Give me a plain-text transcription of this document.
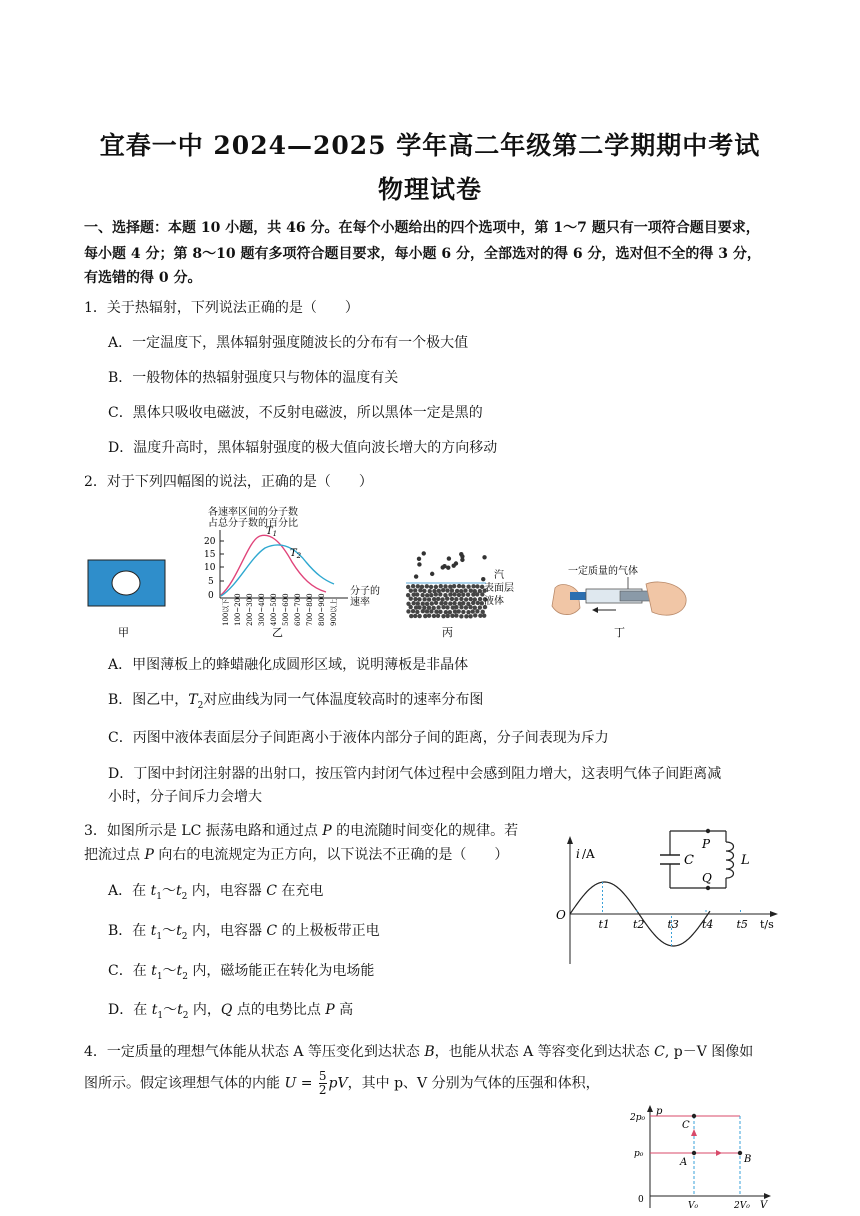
宜春一中 2024—2025 学年高二年级第二学期期中考试
物理试卷
一、选择题：本题 10 小题，共 46 分。在每个小题给出的四个选项中，第 1～7 题只有一项符合题目要求，
每小题 4 分；第 8～10 题有多项符合题目要求，每小题 6 分，全部选对的得 6 分，选对但不全的得 3 分，
有选错的得 0 分。
1．关于热辐射，下列说法正确的是（　　）
A．一定温度下，黑体辐射强度随波长的分布有一个极大值
B．一般物体的热辐射强度只与物体的温度有关
C．黑体只吸收电磁波，不反射电磁波，所以黑体一定是黑的
D．温度升高时，黑体辐射强度的极大值向波长增大的方向移动
2．对于下列四幅图的说法，正确的是（　　）
甲
各速率区间的分子数
占总分子数的百分比
20
15
10
5
0
$T_1$
$T_2$
分子的
速率
100以下 100~200 200~300 300~400 400~500 500~600 600~700 700~800 800~900 900以上
乙
汽
表面层
液体
丙
一定质量的气体
丁
A．甲图薄板上的蜂蜡融化成圆形区域，说明薄板是非晶体
B．图乙中，$T_2$对应曲线为同一气体温度较高时的速率分布图
C．丙图中液体表面层分子间距离小于液体内部分子间的距离，分子间表现为斥力
D．丁图中封闭注射器的出射口，按压管内封闭气体过程中会感到阻力增大，这表明气体子间距离减
小时，分子间斥力会增大
3．如图所示是 LC 振荡电路和通过点 P 的电流随时间变化的规律。若
把流过点 P 向右的电流规定为正方向，以下说法不正确的是（　　）
A．在 $t_1\sim t_2$ 内，电容器 C 在充电
B．在 $t_1\sim t_2$ 内，电容器 C 的上极板带正电
C．在 $t_1\sim t_2$ 内，磁场能正在转化为电场能
D．在 $t_1\sim t_2$ 内，Q 点的电势比点 P 高
C	L
P
Q
i /A
O
t/s
t1 t2 t3 t4 t5
4．一定质量的理想气体能从状态 A 等压变化到达状态 B，也能从状态 A 等容变化到达状态 C, p－V 图像如
图所示。假定该理想气体的内能 $U = \frac{5}{2}$ pV，其中 p、V 分别为气体的压强和体积，
p
V
2p₀
p₀
0
V₀	2V₀
C
A	B
